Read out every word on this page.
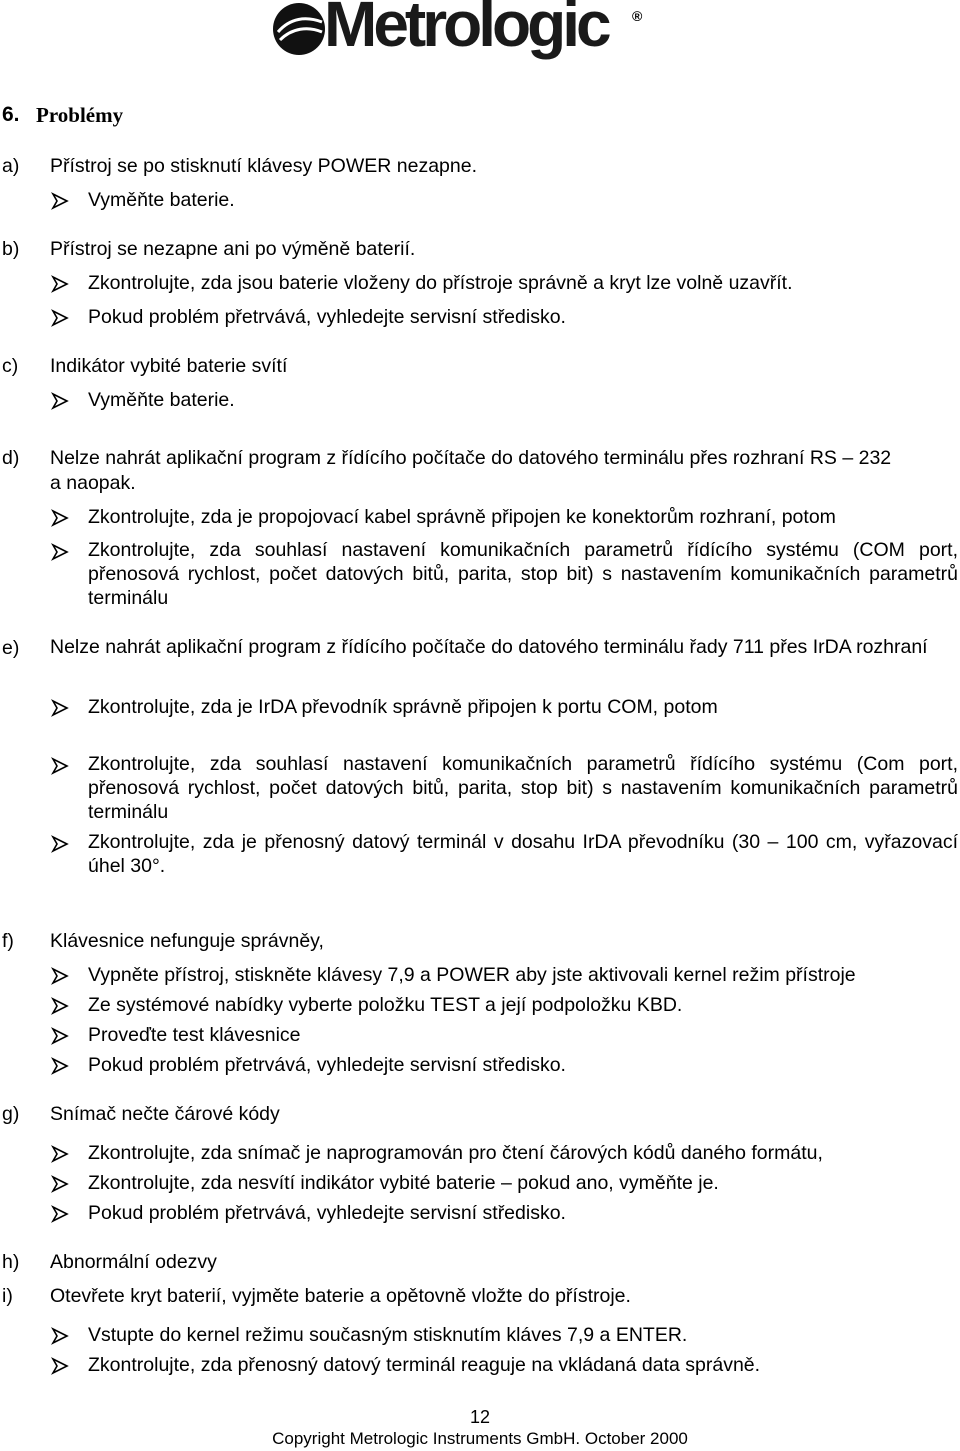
Metrologic ®
6. Problémy
a) Přístroj se po stisknutí klávesy POWER nezapne.
Vyměňte baterie.
b) Přístroj se nezapne ani po výměně baterií.
Zkontrolujte, zda jsou baterie vloženy do přístroje správně a kryt lze volně uzavřít.
Pokud problém přetrvává, vyhledejte servisní středisko.
c) Indikátor vybité baterie svítí
Vyměňte baterie.
d) Nelze nahrát aplikační program z řídícího počítače do datového terminálu přes rozhraní RS – 232
a naopak.
Zkontrolujte, zda je propojovací kabel správně připojen ke konektorům rozhraní, potom
Zkontrolujte, zda souhlasí nastavení komunikačních parametrů řídícího systému (COM port, přenosová rychlost, počet datových bitů, parita, stop bit) s nastavením komunikačních parametrů terminálu
e) Nelze nahrát aplikační program z řídícího počítače do datového terminálu řady 711 přes IrDA rozhraní
Zkontrolujte, zda je IrDA převodník správně připojen k portu COM, potom
Zkontrolujte, zda souhlasí nastavení komunikačních parametrů řídícího systému (Com port, přenosová rychlost, počet datových bitů, parita, stop bit) s nastavením komunikačních parametrů terminálu
Zkontrolujte, zda je přenosný datový terminál v dosahu IrDA převodníku (30 – 100 cm, vyřazovací úhel 30°.
f) Klávesnice nefunguje správněy,
Vypněte přístroj, stiskněte klávesy 7,9 a POWER aby jste aktivovali kernel režim přístroje
Ze systémové nabídky vyberte položku TEST a její podpoložku KBD.
Proveďte test klávesnice
Pokud problém přetrvává, vyhledejte servisní středisko.
g) Snímač nečte čárové kódy
Zkontrolujte, zda snímač je naprogramován pro čtení čárových kódů daného formátu,
Zkontrolujte, zda nesvítí indikátor vybité baterie – pokud ano, vyměňte je.
Pokud problém přetrvává, vyhledejte servisní středisko.
h) Abnormální odezvy
i) Otevřete kryt baterií, vyjměte baterie a opětovně vložte do přístroje.
Vstupte do kernel režimu současným stisknutím kláves 7,9 a ENTER.
Zkontrolujte, zda přenosný datový terminál reaguje na vkládaná data správně.
12
Copyright Metrologic Instruments GmbH. October 2000
